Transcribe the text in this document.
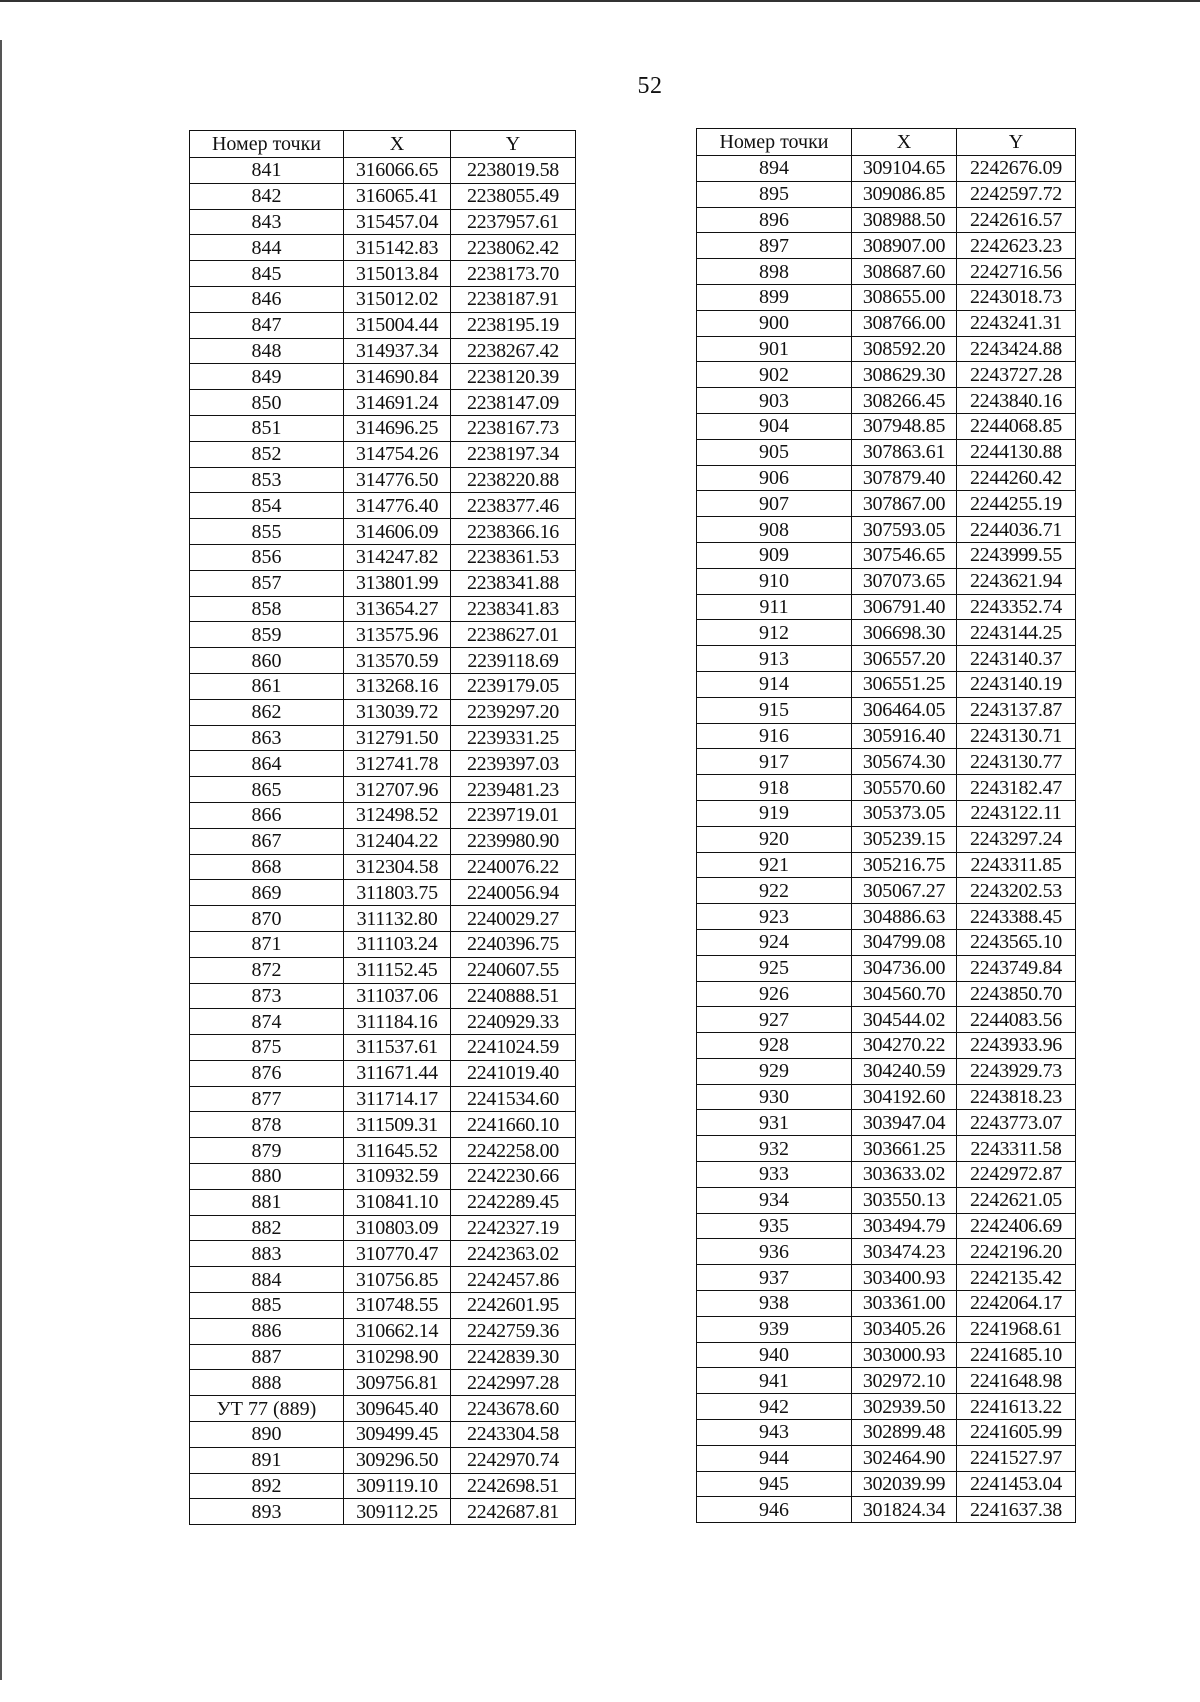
52
Номер точки	X	Y
841	316066.65	2238019.58
842	316065.41	2238055.49
843	315457.04	2237957.61
844	315142.83	2238062.42
845	315013.84	2238173.70
846	315012.02	2238187.91
847	315004.44	2238195.19
848	314937.34	2238267.42
849	314690.84	2238120.39
850	314691.24	2238147.09
851	314696.25	2238167.73
852	314754.26	2238197.34
853	314776.50	2238220.88
854	314776.40	2238377.46
855	314606.09	2238366.16
856	314247.82	2238361.53
857	313801.99	2238341.88
858	313654.27	2238341.83
859	313575.96	2238627.01
860	313570.59	2239118.69
861	313268.16	2239179.05
862	313039.72	2239297.20
863	312791.50	2239331.25
864	312741.78	2239397.03
865	312707.96	2239481.23
866	312498.52	2239719.01
867	312404.22	2239980.90
868	312304.58	2240076.22
869	311803.75	2240056.94
870	311132.80	2240029.27
871	311103.24	2240396.75
872	311152.45	2240607.55
873	311037.06	2240888.51
874	311184.16	2240929.33
875	311537.61	2241024.59
876	311671.44	2241019.40
877	311714.17	2241534.60
878	311509.31	2241660.10
879	311645.52	2242258.00
880	310932.59	2242230.66
881	310841.10	2242289.45
882	310803.09	2242327.19
883	310770.47	2242363.02
884	310756.85	2242457.86
885	310748.55	2242601.95
886	310662.14	2242759.36
887	310298.90	2242839.30
888	309756.81	2242997.28
УТ 77 (889)	309645.40	2243678.60
890	309499.45	2243304.58
891	309296.50	2242970.74
892	309119.10	2242698.51
893	309112.25	2242687.81
Номер точки	X	Y
894	309104.65	2242676.09
895	309086.85	2242597.72
896	308988.50	2242616.57
897	308907.00	2242623.23
898	308687.60	2242716.56
899	308655.00	2243018.73
900	308766.00	2243241.31
901	308592.20	2243424.88
902	308629.30	2243727.28
903	308266.45	2243840.16
904	307948.85	2244068.85
905	307863.61	2244130.88
906	307879.40	2244260.42
907	307867.00	2244255.19
908	307593.05	2244036.71
909	307546.65	2243999.55
910	307073.65	2243621.94
911	306791.40	2243352.74
912	306698.30	2243144.25
913	306557.20	2243140.37
914	306551.25	2243140.19
915	306464.05	2243137.87
916	305916.40	2243130.71
917	305674.30	2243130.77
918	305570.60	2243182.47
919	305373.05	2243122.11
920	305239.15	2243297.24
921	305216.75	2243311.85
922	305067.27	2243202.53
923	304886.63	2243388.45
924	304799.08	2243565.10
925	304736.00	2243749.84
926	304560.70	2243850.70
927	304544.02	2244083.56
928	304270.22	2243933.96
929	304240.59	2243929.73
930	304192.60	2243818.23
931	303947.04	2243773.07
932	303661.25	2243311.58
933	303633.02	2242972.87
934	303550.13	2242621.05
935	303494.79	2242406.69
936	303474.23	2242196.20
937	303400.93	2242135.42
938	303361.00	2242064.17
939	303405.26	2241968.61
940	303000.93	2241685.10
941	302972.10	2241648.98
942	302939.50	2241613.22
943	302899.48	2241605.99
944	302464.90	2241527.97
945	302039.99	2241453.04
946	301824.34	2241637.38
